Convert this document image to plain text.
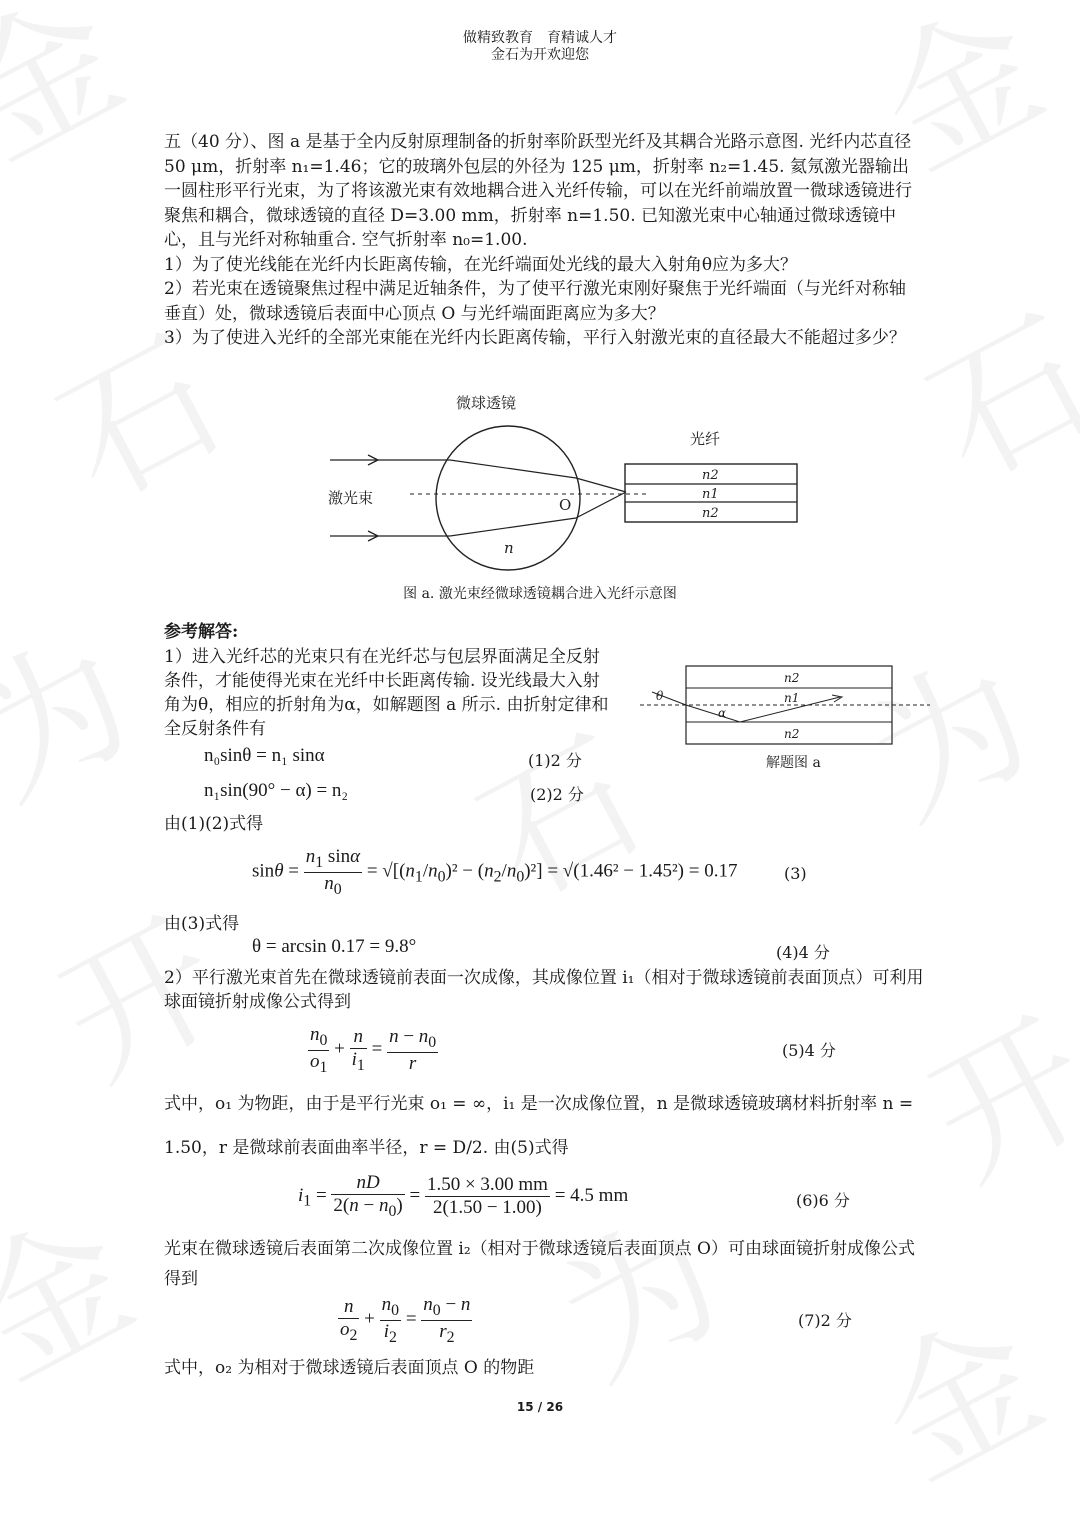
做精致教育　育精诚人才
金石为开欢迎您

五（40 分）、图 a 是基于全内反射原理制备的折射率阶跃型光纤及其耦合光路示意图. 光纤内芯直径 50 μm，折射率 n₁=1.46；它的玻璃外包层的外径为 125 μm，折射率 n₂=1.45. 氦氖激光器输出一圆柱形平行光束，为了将该激光束有效地耦合进入光纤传输，可以在光纤前端放置一微球透镜进行聚焦和耦合，微球透镜的直径 D=3.00 mm，折射率 n=1.50. 已知激光束中心轴通过微球透镜中心，且与光纤对称轴重合. 空气折射率 n₀=1.00.

1）为了使光线能在光纤内长距离传输，在光纤端面处光线的最大入射角θ应为多大？

2）若光束在透镜聚焦过程中满足近轴条件，为了使平行激光束刚好聚焦于光纤端面（与光纤对称轴垂直）处，微球透镜后表面中心顶点 O 与光纤端面距离应为多大？

3）为了使进入光纤的全部光束能在光纤内长距离传输，平行入射激光束的直径最大不能超过多少？

微球透镜
光纤
激光束	O
n
n2
n1
n2
图 a. 激光束经微球透镜耦合进入光纤示意图
参考解答:
1）进入光纤芯的光束只有在光纤芯与包层界面满足全反射条件，才能使得光束在光纤中长距离传输. 设光线最大入射角为θ，相应的折射角为α，如解题图 a 所示. 由折射定律和全反射条件有
θ
α
n2
n1
n2
解题图 a
n₀sinθ = n₁ sinα	(1)2 分
n₁sin(90° − α) = n₂	(2)2 分
由(1)(2)式得
$\sin\theta = \frac{n_1 \sin\alpha}{n_0} = √[(n_1/n_0)^2 - (n_2/n_0)^2] = √(1.46^2 - 1.45^2) = 0.17$	(3)
由(3)式得
θ = arcsin 0.17 = 9.8°	(4)4 分
2）平行激光束首先在微球透镜前表面一次成像，其成像位置 i₁（相对于微球透镜前表面顶点）可利用球面镜折射成像公式得到
$\frac{n_0}{o_1} + \frac{n}{i_1} = \frac{n - n_0}{r}$	(5)4 分
式中，o₁ 为物距，由于是平行光束 o₁ = ∞，i₁ 是一次成像位置，n 是微球透镜玻璃材料折射率 n = 1.50，r 是微球前表面曲率半径，r = D/2. 由(5)式得
$i_1 = \frac{nD}{2(n - n_0)} = \frac{1.50 \times 3.00 mm}{2(1.50 - 1.00)} = 4.5$ mm	(6)6 分
光束在微球透镜后表面第二次成像位置 i₂（相对于微球透镜后表面顶点 O）可由球面镜折射成像公式得到
$\frac{n}{o_2} + \frac{n_0}{i_2} = \frac{n_0 - n}{r_2}$	(7)2 分
式中，o₂ 为相对于微球透镜后表面顶点 O 的物距
15 / 26
